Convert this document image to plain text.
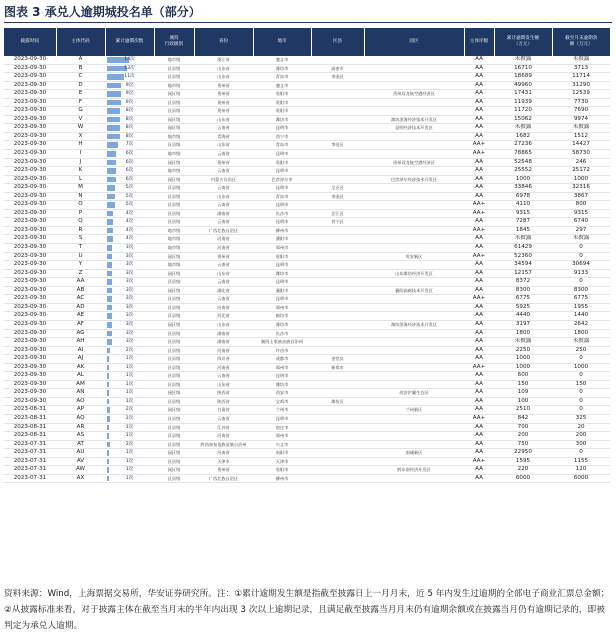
图表 3 承兑人逾期城投名单（部分）
披露时间	主体代码	累计逾期次数	城投
行政级别	省份	地市	区县	园区	主体评级	累计逾期发生额
（万元）	截至月末逾期余
额（万元）
2023-09-30	A	14次	地市级	浙江省	遵义市			AA	未披露	未披露
2023-09-30	B	13次	区县级	山东省	潍坊市	高密市		AA	16710	3713
2023-09-30	C	11次	区县级	山东省	青岛市	李沧区		AA	18689	11714
2023-09-30	D	9次	地市级	贵州省	遵义市			AA	49960	31290
2023-09-30	E	9次	园区级	贵州省	贵阳市		贵州双龙航空港经济区	AA	17431	12539
2023-09-30	F	9次	区县级	贵州省	贵阳市			AA	11939	7730
2023-09-30	G	8次	区县级	贵州省	贵阳市			AA	11720	7690
2023-09-30	V	8次	园区级	山东省	潍坊市		潍坊滨海经济技术开发区	AA	15062	9974
2023-09-30	W	8次	园区级	云南省	昆明市		昆明经济技术开发区	AA	未披露	未披露
2023-09-30	X	8次	地市级	青海省	西宁市			AA	1682	1512
2023-09-30	H	7次	区县级	山东省	青岛市	李沧区		AA+	27236	14427
2023-09-30	I	6次	地市级	云南省	昆明市			AA+	78865	58730
2023-09-30	J	6次	园区级	贵州省	贵阳市		贵州双龙航空港经济区	AA	52548	246
2023-09-30	K	6次	地市级	云南省	昆明市			AA	25552	25172
2023-09-30	L	6次	园区级	内蒙古自治区	巴彦淖尔市		巴彦淖尔经济技术开发区	AA	1000	1000
2023-09-30	M	5次	区县级	云南省	昆明市	呈贡区		AA	33846	32316
2023-09-30	N	5次	区县级	山东省	青岛市	李沧区		AA	6978	3867
2023-09-30	O	5次	区县级	云南省	昆明市			AA+	4110	800
2023-09-30	P	4次	区县级	湖南省	长沙市	芷江区		AA+	9315	9315
2023-09-30	Q	4次	区县级	云南省	昆明市	晋宁区		AA	7287	6740
2023-09-30	R	4次	地市级	广西壮族自治区	柳州市			AA+	1845	297
2023-09-30	S	4次	地市级	河南省	濮阳市			AA	未披露	未披露
2023-09-30	T	3次	地市级	河南省	郑州市			AA	61429	0
2023-09-30	U	3次	园区级	贵州省	贵阳市		贵安新区	AA+	52360	0
2023-09-30	Y	3次	地市级	云南省	昆明市			AA	34594	30694
2023-09-30	Z	3次	园区级	山东省	潍坊市		山东潍坊经济开发区	AA	12157	9133
2023-09-30	AA	3次	区县级	云南省	昆明市			AA	8372	0
2023-09-30	AB	3次	园区级	湖北省	襄阳市		襄阳高新技术开发区	AA	8300	8300
2023-09-30	AC	3次	区县级	云南省	昆明市			AA+	6775	6775
2023-09-30	AD	3次	区县级	河南省	郑州市			AA	5925	1955
2023-09-30	AE	3次	区县级	河北省	廊坊市			AA	4440	1440
2023-09-30	AF	3次	园区级	山东省	潍坊市		潍坊滨海经济技术开发区	AA	3197	2642
2023-09-30	AG	3次	区县级	湖南省	长沙市			AA	1800	1800
2023-09-30	AH	3次	区县级	湖南省	湘西土家族苗族自治州			AA	未披露	未披露
2023-09-30	AI	2次	区县级	河南省	许昌市			AA	2250	250
2023-09-30	AJ	1次	区县级	四川省	成都市	金堂县		AA	1000	0
2023-09-30	AK	1次	区县级	河南省	郑州市	新郑市		AA+	1000	1000
2023-09-30	AL	1次	区县级	云南省	昆明市			AA	600	0
2023-09-30	AM	1次	区县级	山东省	潍坊市			AA	150	150
2023-09-30	AN	1次	园区级	陕西省	西安市		西安沪灞生态区	AA	109	0
2023-09-30	AO	1次	区县级	陕西省	宝鸡市	潍坊区		AA	100	0
2023-08-31	AP	2次	园区级	甘肃省	兰州市		兰州新区	AA	2510	0
2023-08-31	AQ	2次	区县级	云南省	昆明市			AA+	842	325
2023-08-31	AR	1次	区县级	江苏省	宿迁市			AA	700	20
2023-08-31	AS	1次	区县级	河南省	郑州市			AA	200	200
2023-07-31	AT	2次	区县级	黔西南布依族苗族自治州	兴义市			AA	750	300
2023-07-31	AU	1次	园区级	河南省	南阳市		南城新区	AA	22950	0
2023-07-31	AV	1次	区县级	天津市	天津市			AA+	1595	1155
2023-07-31	AW	1次	园区级	贵州省	贵阳市		黔东南经济开发区	AA	220	120
2023-07-31	AX	1次	区县级	广西壮族自治区	柳州市			AA	6000	6000
资料来源：Wind，上海票据交易所，华安证券研究所。注：①累计逾期发生额是指截至披露日上一月月末，近 5 年内发生过逾期的全部电子商业汇票总金额；②从披露标准来看，对于披露主体在截至当月末的半年内出现 3 次以上逾期记录，且满足截至披露当月月末仍有逾期余额或在披露当月仍有逾期记录的，即被判定为承兑人逾期。
